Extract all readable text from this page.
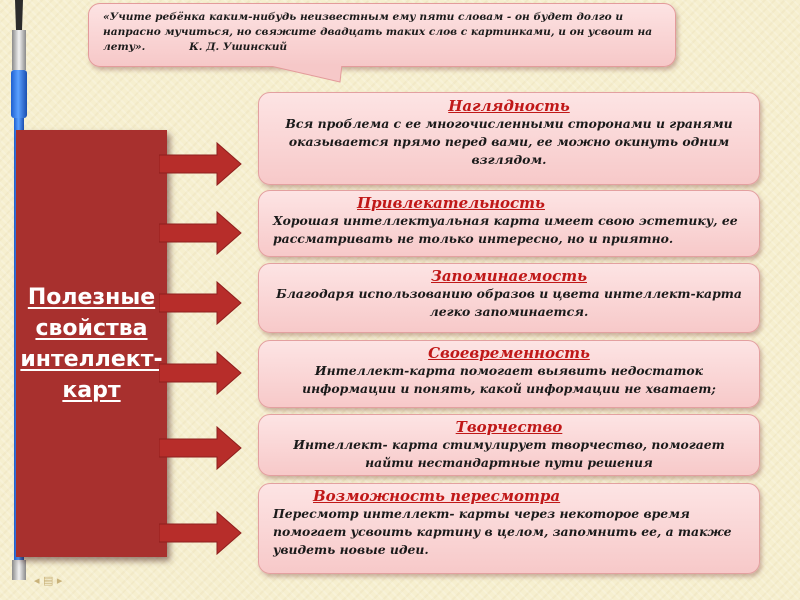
«Учите ребёнка каким-нибудь неизвестным ему пяти словам - он будет долго и напрасно мучиться, но свяжите двадцать таких слов с картинками, и он усвоит на лету».	К. Д. Ушинский
Полезные
свойства
интеллект-
карт
Наглядность
Вся проблема с ее многочисленными сторонами и гранями оказывается прямо перед вами, ее можно окинуть одним взглядом.
Привлекательность
Хорошая интеллектуальная карта имеет свою эстетику, ее рассматривать не только интересно, но и приятно.
Запоминаемость
Благодаря использованию образов и цвета интеллект-карта легко запоминается.
Своевременность
Интеллект-карта помогает выявить недостаток информации и понять, какой информации не хватает;
Творчество
Интеллект- карта стимулирует творчество, помогает найти нестандартные пути решения
Возможность пересмотра
Пересмотр интеллект- карты через некоторое время помогает усвоить картину в целом, запомнить ее, а также увидеть новые идеи.
◂ ▤ ▸
